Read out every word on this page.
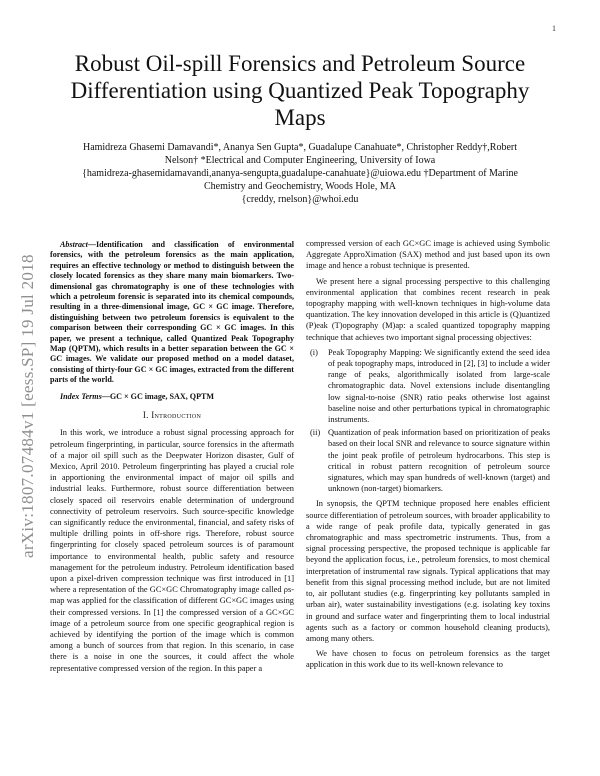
1
arXiv:1807.07484v1 [eess.SP] 19 Jul 2018
Robust Oil-spill Forensics and Petroleum Source
Differentiation using Quantized Peak Topography
Maps
Hamidreza Ghasemi Damavandi*, Ananya Sen Gupta*, Guadalupe Canahuate*, Christopher Reddy†,Robert
Nelson† *Electrical and Computer Engineering, University of Iowa
{hamidreza-ghasemidamavandi,ananya-sengupta,guadalupe-canahuate}@uiowa.edu †Department of Marine
Chemistry and Geochemistry, Woods Hole, MA
{creddy, rnelson}@whoi.edu

Abstract—Identification and classification of environmental forensics, with the petroleum forensics as the main application, requires an effective technology or method to distinguish between the closely located forensics as they share many main biomarkers. Two-dimensional gas chromatography is one of these technologies with which a petroleum forensic is separated into its chemical compounds, resulting in a three-dimensional image, GC × GC image. Therefore, distinguishing between two petroleum forensics is equivalent to the comparison between their corresponding GC × GC images. In this paper, we present a technique, called Quantized Peak Topography Map (QPTM), which results in a better separation between the GC × GC images. We validate our proposed method on a model dataset, consisting of thirty-four GC × GC images, extracted from the different parts of the world.

Index Terms—GC × GC image, SAX, QPTM

I. Introduction

In this work, we introduce a robust signal processing approach for petroleum fingerprinting, in particular, source forensics in the aftermath of a major oil spill such as the Deepwater Horizon disaster, Gulf of Mexico, April 2010. Petroleum fingerprinting has played a crucial role in apportioning the environmental impact of major oil spills and industrial leaks. Furthermore, robust source differentiation between closely spaced oil reservoirs enable determination of underground connectivity of petroleum reservoirs. Such source-specific knowledge can significantly reduce the environmental, financial, and safety risks of multiple drilling points in off-shore rigs. Therefore, robust source fingerprinting for closely spaced petroleum sources is of paramount importance to environmental health, public safety and resource management for the petroleum industry. Petroleum identification based upon a pixel-driven compression technique was first introduced in [1] where a representation of the GC×GC Chromatography image called ρs-map was applied for the classification of different GC×GC images using their compressed versions. In [1] the compressed version of a GC×GC image of a petroleum source from one specific geographical region is achieved by identifying the portion of the image which is common among a bunch of sources from that region. In this scenario, in case there is a noise in one the sources, it could affect the whole representative compressed version of the region. In this paper a

compressed version of each GC×GC image is achieved using Symbolic Aggregate ApproXimation (SAX) method and just based upon its own image and hence a robust technique is presented.

We present here a signal processing perspective to this challenging environmental application that combines recent research in peak topography mapping with well-known techniques in high-volume data quantization. The key innovation developed in this article is (Q)uantized (P)eak (T)opography (M)ap: a scaled quantized topography mapping technique that achieves two important signal processing objectives:

(i) Peak Topography Mapping: We significantly extend the seed idea of peak topography maps, introduced in [2], [3] to include a wider range of peaks, algorithmically isolated from large-scale chromatographic data. Novel extensions include disentangling low signal-to-noise (SNR) ratio peaks otherwise lost against baseline noise and other perturbations typical in chromatographic instruments.
(ii) Quantization of peak information based on prioritization of peaks based on their local SNR and relevance to source signature within the joint peak profile of petroleum hydrocarbons. This step is critical in robust pattern recognition of petroleum source signatures, which may span hundreds of well-known (target) and unknown (non-target) biomarkers.

In synopsis, the QPTM technique proposed here enables efficient source differentiation of petroleum sources, with broader applicability to a wide range of peak profile data, typically generated in gas chromatographic and mass spectrometric instruments. Thus, from a signal processing perspective, the proposed technique is applicable far beyond the application focus, i.e., petroleum forensics, to most chemical interpretation of instrumental raw signals. Typical applications that may benefit from this signal processing method include, but are not limited to, air pollutant studies (e.g. fingerprinting key pollutants sampled in urban air), water sustainability investigations (e.g. isolating key toxins in ground and surface water and fingerprinting them to local industrial agents such as a factory or common household cleaning products), among many others.

We have chosen to focus on petroleum forensics as the target application in this work due to its well-known relevance to
